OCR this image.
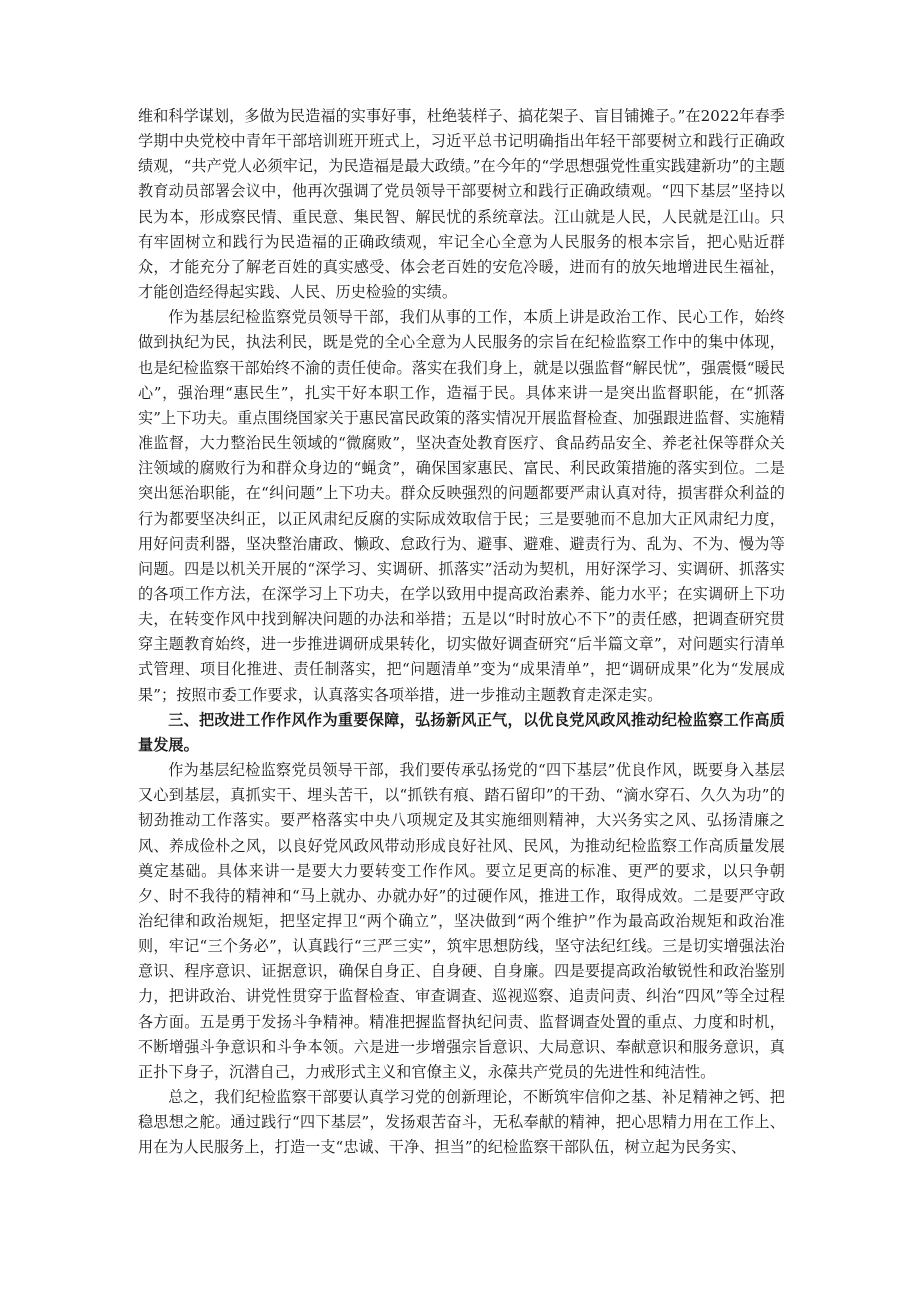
维和科学谋划，多做为民造福的实事好事，杜绝装样子、搞花架子、盲目铺摊子。”在2022年春季学期中央党校中青年干部培训班开班式上，习近平总书记明确指出年轻干部要树立和践行正确政绩观，“共产党人必须牢记，为民造福是最大政绩。”在今年的“学思想强党性重实践建新功”的主题教育动员部署会议中，他再次强调了党员领导干部要树立和践行正确政绩观。“四下基层”坚持以民为本，形成察民情、重民意、集民智、解民忧的系统章法。江山就是人民，人民就是江山。只有牢固树立和践行为民造福的正确政绩观，牢记全心全意为人民服务的根本宗旨，把心贴近群众，才能充分了解老百姓的真实感受、体会老百姓的安危冷暖，进而有的放矢地增进民生福祉，才能创造经得起实践、人民、历史检验的实绩。

作为基层纪检监察党员领导干部，我们从事的工作，本质上讲是政治工作、民心工作，始终做到执纪为民，执法利民，既是党的全心全意为人民服务的宗旨在纪检监察工作中的集中体现，也是纪检监察干部始终不渝的责任使命。落实在我们身上，就是以强监督“解民忧”，强震慑“暖民心”，强治理“惠民生”，扎实干好本职工作，造福于民。具体来讲一是突出监督职能，在“抓落实”上下功夫。重点围绕国家关于惠民富民政策的落实情况开展监督检查、加强跟进监督、实施精准监督，大力整治民生领域的“微腐败”，坚决查处教育医疗、食品药品安全、养老社保等群众关注领域的腐败行为和群众身边的“蝇贪”，确保国家惠民、富民、利民政策措施的落实到位。二是突出惩治职能，在“纠问题”上下功夫。群众反映强烈的问题都要严肃认真对待，损害群众利益的行为都要坚决纠正，以正风肃纪反腐的实际成效取信于民；三是要驰而不息加大正风肃纪力度，用好问责利器，坚决整治庸政、懒政、怠政行为、避事、避难、避责行为、乱为、不为、慢为等问题。四是以机关开展的“深学习、实调研、抓落实”活动为契机，用好深学习、实调研、抓落实的各项工作方法，在深学习上下功夫，在学以致用中提高政治素养、能力水平；在实调研上下功夫，在转变作风中找到解决问题的办法和举措；五是以“时时放心不下”的责任感，把调查研究贯穿主题教育始终，进一步推进调研成果转化，切实做好调查研究“后半篇文章”，对问题实行清单式管理、项目化推进、责任制落实，把“问题清单”变为“成果清单”，把“调研成果”化为“发展成果”；按照市委工作要求，认真落实各项举措，进一步推动主题教育走深走实。

三、把改进工作作风作为重要保障，弘扬新风正气，以优良党风政风推动纪检监察工作高质量发展。

作为基层纪检监察党员领导干部，我们要传承弘扬党的“四下基层”优良作风，既要身入基层又心到基层，真抓实干、埋头苦干，以“抓铁有痕、踏石留印”的干劲、“滴水穿石、久久为功”的韧劲推动工作落实。要严格落实中央八项规定及其实施细则精神，大兴务实之风、弘扬清廉之风、养成俭朴之风，以良好党风政风带动形成良好社风、民风，为推动纪检监察工作高质量发展奠定基础。具体来讲一是要大力要转变工作作风。要立足更高的标准、更严的要求，以只争朝夕、时不我待的精神和“马上就办、办就办好”的过硬作风，推进工作，取得成效。二是要严守政治纪律和政治规矩，把坚定捍卫“两个确立”，坚决做到“两个维护”作为最高政治规矩和政治准则，牢记“三个务必”，认真践行“三严三实”，筑牢思想防线，坚守法纪红线。三是切实增强法治意识、程序意识、证据意识，确保自身正、自身硬、自身廉。四是要提高政治敏锐性和政治鉴别力，把讲政治、讲党性贯穿于监督检查、审查调查、巡视巡察、追责问责、纠治“四风”等全过程各方面。五是勇于发扬斗争精神。精准把握监督执纪问责、监督调查处置的重点、力度和时机，不断增强斗争意识和斗争本领。六是进一步增强宗旨意识、大局意识、奉献意识和服务意识，真正扑下身子，沉潜自己，力戒形式主义和官僚主义，永葆共产党员的先进性和纯洁性。

总之，我们纪检监察干部要认真学习党的创新理论，不断筑牢信仰之基、补足精神之钙、把稳思想之舵。通过践行“四下基层”，发扬艰苦奋斗，无私奉献的精神，把心思精力用在工作上、用在为人民服务上，打造一支“忠诚、干净、担当”的纪检监察干部队伍，树立起为民务实、
